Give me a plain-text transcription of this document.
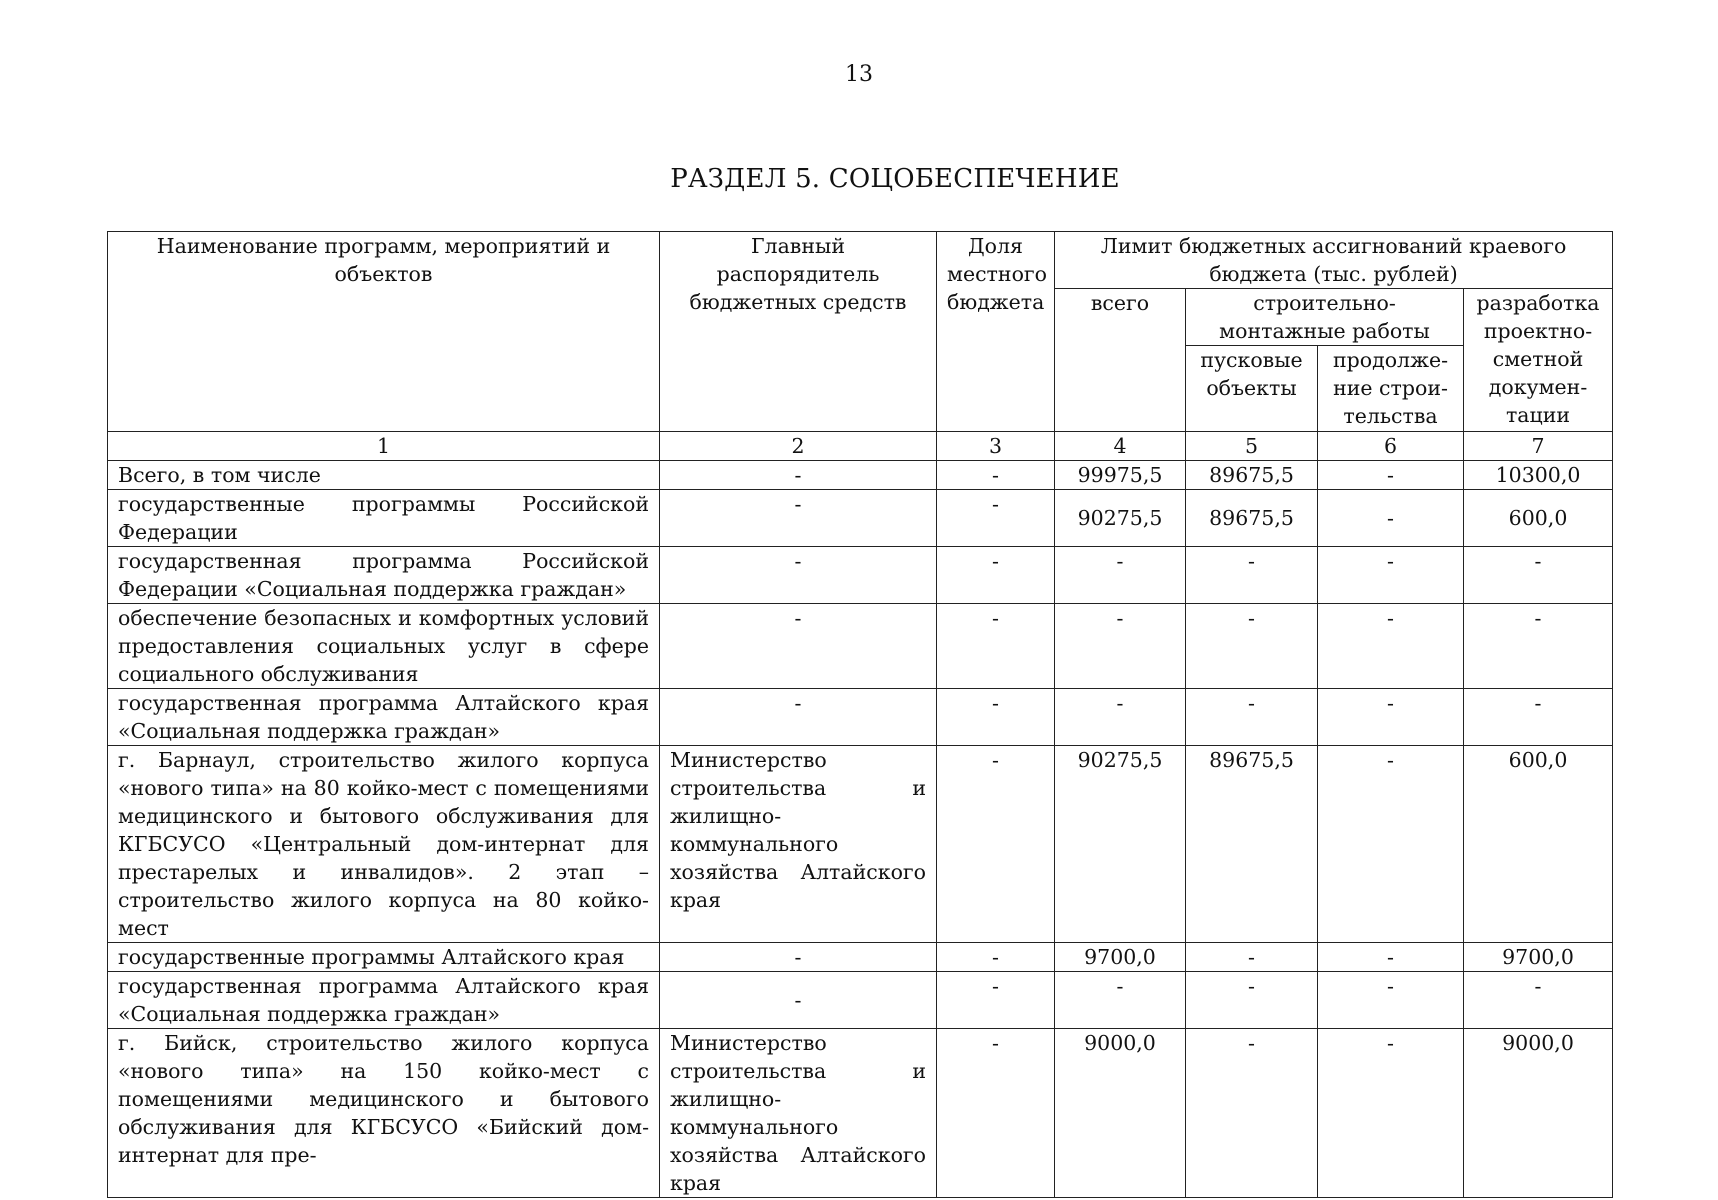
13
РАЗДЕЛ 5. СОЦОБЕСПЕЧЕНИЕ
Наименование программ, мероприятий и объектов	Главный распорядитель бюджетных средств	Доля местного бюджета	Лимит бюджетных ассигнований краевого бюджета (тыс. рублей)			
			всего	строительно-монтажные работы		разработка проектно-сметной докумен-тации
				пусковые объекты	продолже-ние строи-тельства	

1	2	3	4	5	6	7
Всего, в том числе	-	-	99975,5	89675,5	-	10300,0
государственные программы Российской Федерации	-	-	90275,5	89675,5	-	600,0
государственная программа Российской Федерации «Социальная поддержка граждан»	-	-	-	-	-	-
обеспечение безопасных и комфортных условий предоставления социальных услуг в сфере социального обслуживания	-	-	-	-	-	-
государственная программа Алтайского края «Социальная поддержка граждан»	-	-	-	-	-	-
г. Барнаул, строительство жилого корпуса «нового типа» на 80 койко-мест с помещениями медицинского и бытового обслуживания для КГБСУСО «Центральный дом-интернат для престарелых и инвалидов». 2 этап – строительство жилого корпуса на 80 койко-мест	Министерство строительства и жилищно-коммунального хозяйства Алтайского края	-	90275,5	89675,5	-	600,0
государственные программы Алтайского края	-	-	9700,0	-	-	9700,0
государственная программа Алтайского края «Социальная поддержка граждан»	-	-	-	-	-	-
г. Бийск, строительство жилого корпуса «нового типа» на 150 койко-мест с помещениями медицинского и бытового обслуживания для КГБСУСО «Бийский дом-интернат для пре-	Министерство строительства и жилищно-коммунального хозяйства Алтайского края	-	9000,0	-	-	9000,0
